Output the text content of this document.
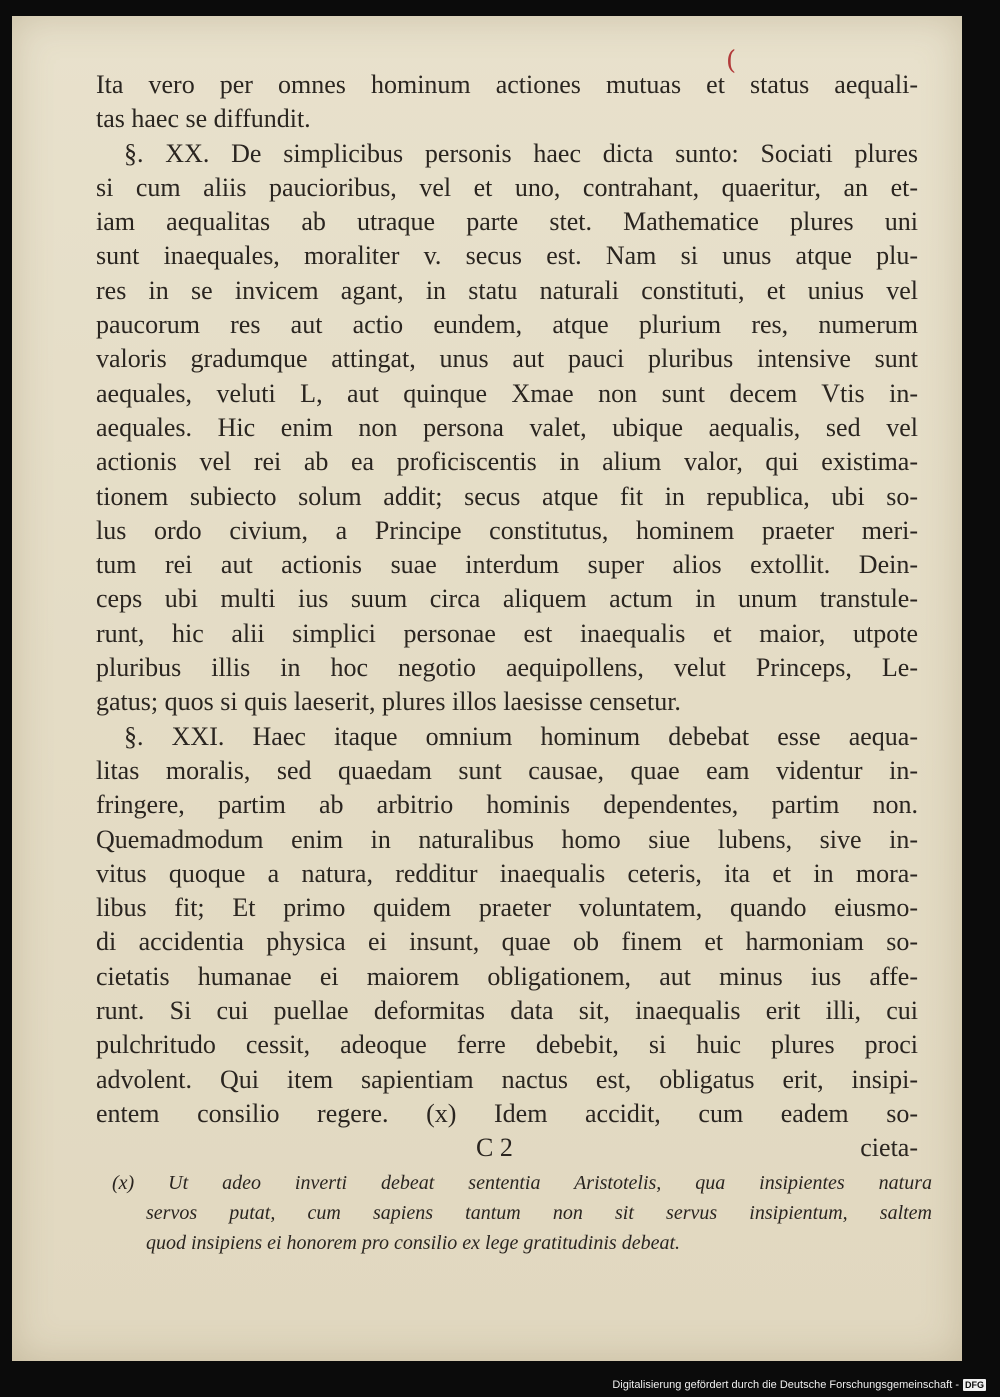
(
Ita vero per omnes hominum actiones mutuas et status aequali-
tas haec se diffundit.
§. XX. De simplicibus personis haec dicta sunto: Sociati plures
si cum aliis paucioribus, vel et uno, contrahant, quaeritur, an et-
iam aequalitas ab utraque parte stet. Mathematice plures uni
sunt inaequales, moraliter v. secus est. Nam si unus atque plu-
res in se invicem agant, in statu naturali constituti, et unius vel
paucorum res aut actio eundem, atque plurium res, numerum
valoris gradumque attingat, unus aut pauci pluribus intensive sunt
aequales, veluti L, aut quinque Xmae non sunt decem Vtis in-
aequales. Hic enim non persona valet, ubique aequalis, sed vel
actionis vel rei ab ea proficiscentis in alium valor, qui existima-
tionem subiecto solum addit; secus atque fit in republica, ubi so-
lus ordo civium, a Principe constitutus, hominem praeter meri-
tum rei aut actionis suae interdum super alios extollit. Dein-
ceps ubi multi ius suum circa aliquem actum in unum transtule-
runt, hic alii simplici personae est inaequalis et maior, utpote
pluribus illis in hoc negotio aequipollens, velut Princeps, Le-
gatus; quos si quis laeserit, plures illos laesisse censetur.
§. XXI. Haec itaque omnium hominum debebat esse aequa-
litas moralis, sed quaedam sunt causae, quae eam videntur in-
fringere, partim ab arbitrio hominis dependentes, partim non.
Quemadmodum enim in naturalibus homo siue lubens, sive in-
vitus quoque a natura, redditur inaequalis ceteris, ita et in mora-
libus fit; Et primo quidem praeter voluntatem, quando eiusmo-
di accidentia physica ei insunt, quae ob finem et harmoniam so-
cietatis humanae ei maiorem obligationem, aut minus ius affe-
runt. Si cui puellae deformitas data sit, inaequalis erit illi, cui
pulchritudo cessit, adeoque ferre debebit, si huic plures proci
advolent. Qui item sapientiam nactus est, obligatus erit, insipi-
entem consilio regere. (x) Idem accidit, cum eadem so-
C 2	cieta-
(x) Ut adeo inverti debeat sententia Aristotelis, qua insipientes natura
servos putat, cum sapiens tantum non sit servus insipientum, saltem
quod insipiens ei honorem pro consilio ex lege gratitudinis debeat.
Digitalisierung gefördert durch die Deutsche Forschungsgemeinschaft - DFG
